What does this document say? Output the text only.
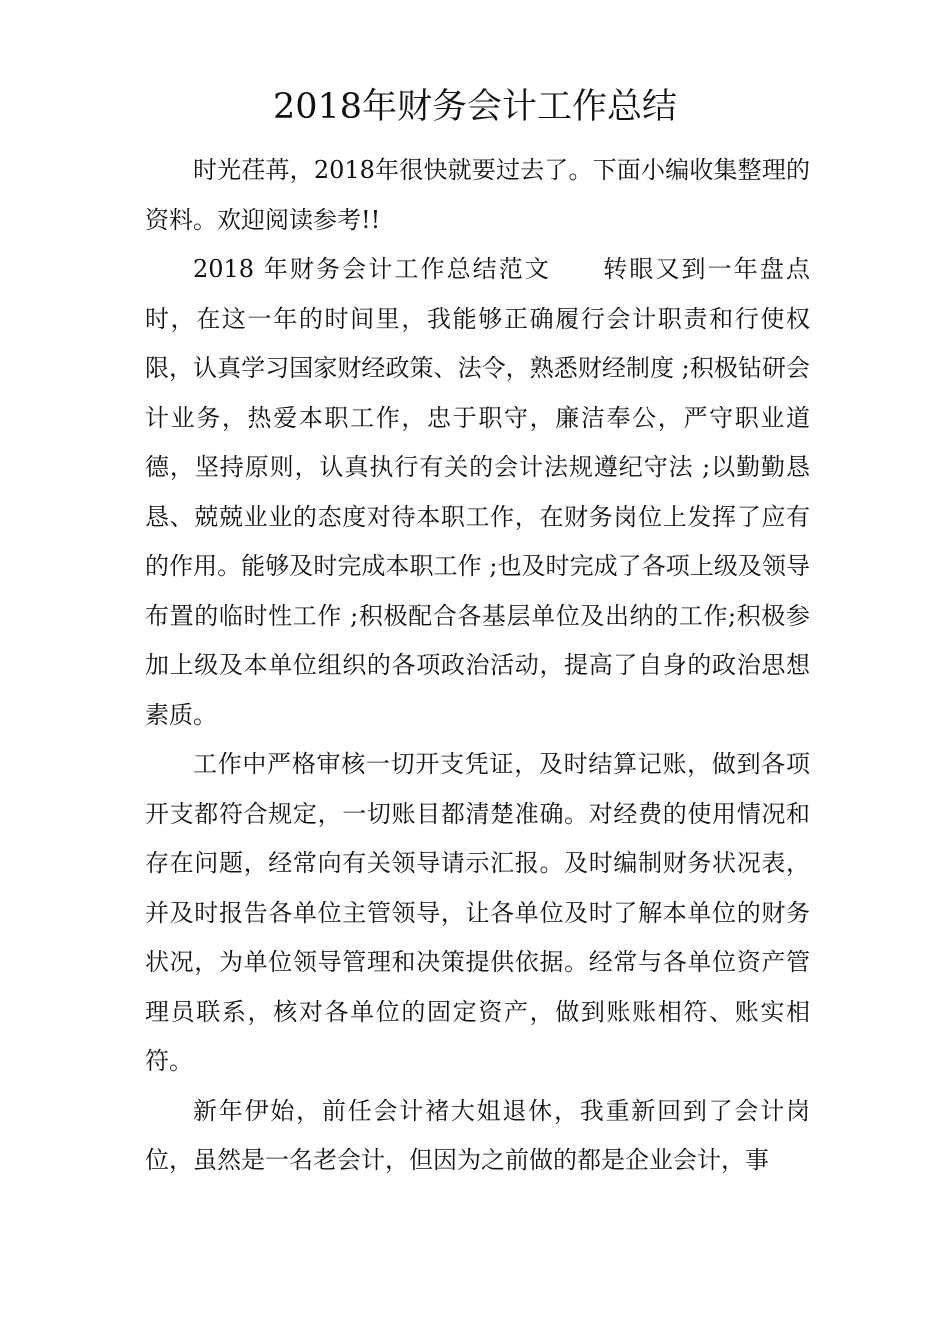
2018年财务会计工作总结

时光荏苒，2018年很快就要过去了。下面小编收集整理的资料。欢迎阅读参考!!

2018 年财务会计工作总结范文　　转眼又到一年盘点时，在这一年的时间里，我能够正确履行会计职责和行使权限，认真学习国家财经政策、法令，熟悉财经制度 ;积极钻研会计业务，热爱本职工作，忠于职守，廉洁奉公，严守职业道德，坚持原则，认真执行有关的会计法规遵纪守法 ;以勤勤恳恳、兢兢业业的态度对待本职工作，在财务岗位上发挥了应有的作用。能够及时完成本职工作 ;也及时完成了各项上级及领导布置的临时性工作 ;积极配合各基层单位及出纳的工作;积极参加上级及本单位组织的各项政治活动，提高了自身的政治思想素质。

工作中严格审核一切开支凭证，及时结算记账，做到各项开支都符合规定，一切账目都清楚准确。对经费的使用情况和存在问题，经常向有关领导请示汇报。及时编制财务状况表，并及时报告各单位主管领导，让各单位及时了解本单位的财务状况，为单位领导管理和决策提供依据。经常与各单位资产管理员联系，核对各单位的固定资产，做到账账相符、账实相符。

新年伊始，前任会计褚大姐退休，我重新回到了会计岗位，虽然是一名老会计，但因为之前做的都是企业会计，事
